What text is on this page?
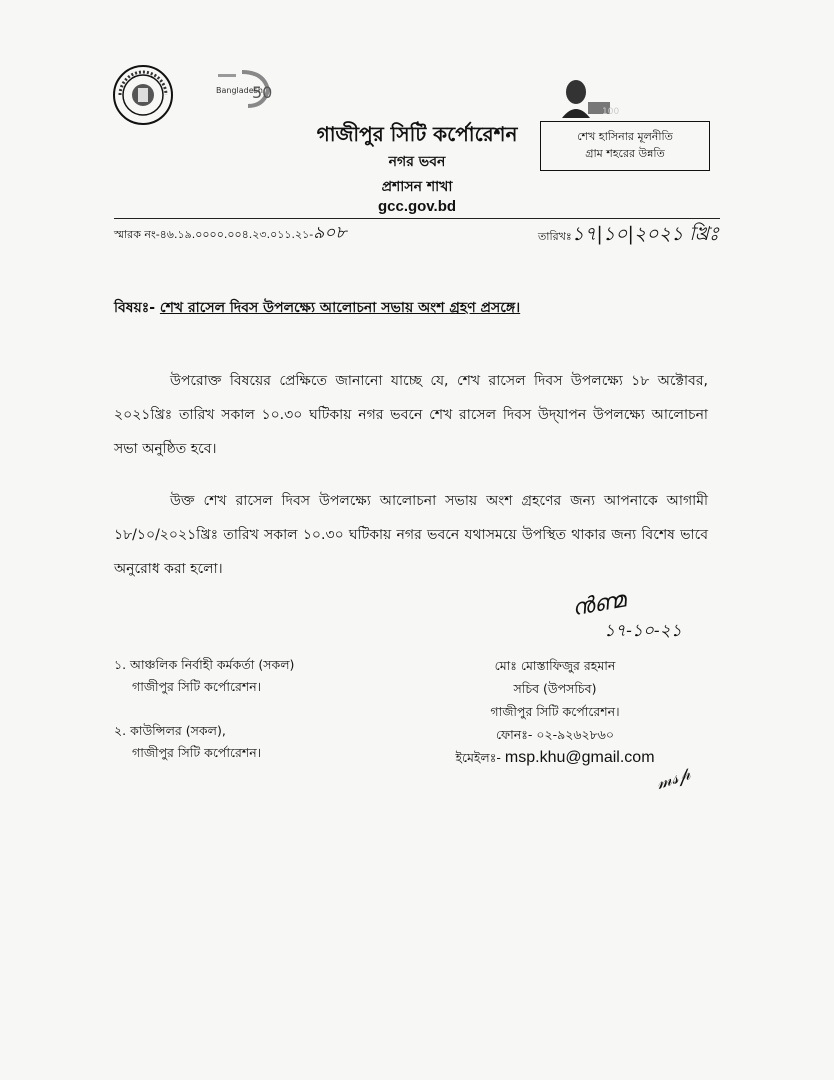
50
Bangladesh
100
গাজীপুর সিটি কর্পোরেশন
নগর ভবন
প্রশাসন শাখা
gcc.gov.bd
শেখ হাসিনার মূলনীতি
গ্রাম শহরের উন্নতি
স্মারক নং-৪৬.১৯.০০০০.০০৪.২৩.০১১.২১-৯০৮	তারিখঃ১৭|১০|২০২১ খ্রিঃ
বিষয়ঃ- শেখ রাসেল দিবস উপলক্ষ্যে আলোচনা সভায় অংশ গ্রহণ প্রসঙ্গে।
উপরোক্ত বিষয়ের প্রেক্ষিতে জানানো যাচ্ছে যে, শেখ রাসেল দিবস উপলক্ষ্যে ১৮ অক্টোবর, ২০২১খ্রিঃ তারিখ সকাল ১০.৩০ ঘটিকায় নগর ভবনে শেখ রাসেল দিবস উদ্‌যাপন উপলক্ষ্যে আলোচনা সভা অনুষ্ঠিত হবে।
উক্ত শেখ রাসেল দিবস উপলক্ষ্যে আলোচনা সভায় অংশ গ্রহণের জন্য আপনাকে আগামী ১৮/১০/২০২১খ্রিঃ তারিখ সকাল ১০.৩০ ঘটিকায় নগর ভবনে যথাসময়ে উপস্থিত থাকার জন্য বিশেষ ভাবে অনুরোধ করা হলো।
ൻണ്മ
১৭-১০-২১
মোঃ মোস্তাফিজুর রহমান
সচিব (উপসচিব)
গাজীপুর সিটি কর্পোরেশন।
ফোনঃ- ০২-৯২৬২৮৬০
ইমেইলঃ- msp.khu@gmail.com
𝓂𝓈𝓅
১. আঞ্চলিক নির্বাহী কর্মকর্তা (সকল)
গাজীপুর সিটি কর্পোরেশন।
২. কাউন্সিলর (সকল),
গাজীপুর সিটি কর্পোরেশন।
